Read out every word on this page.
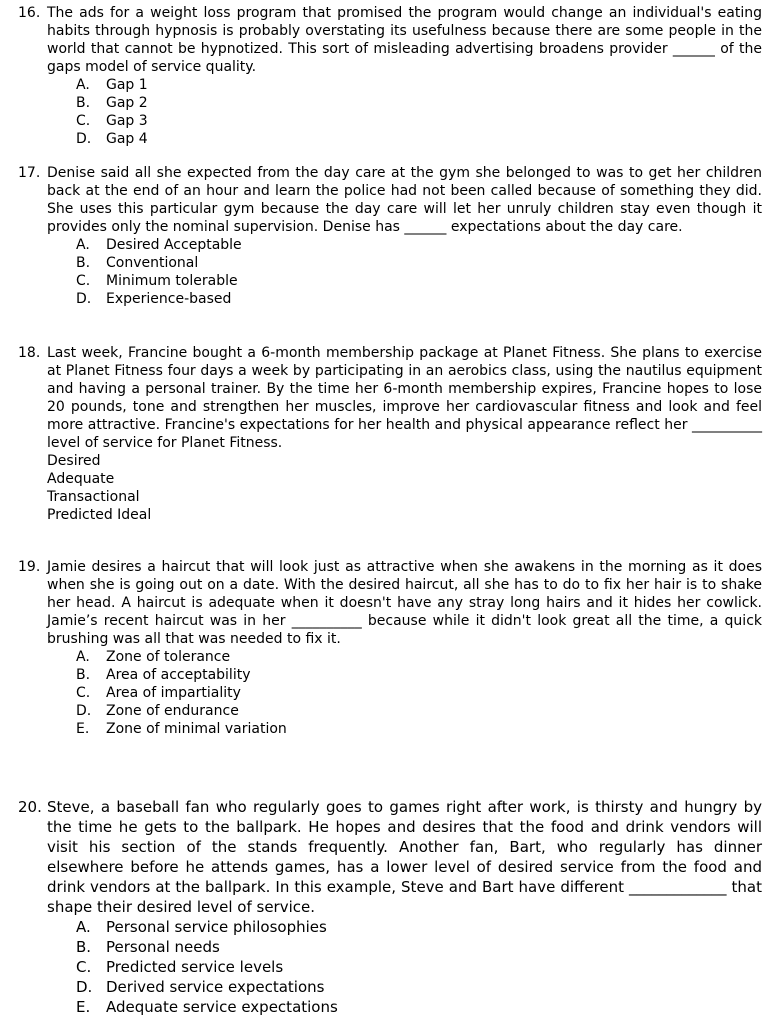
16. The ads for a weight loss program that promised the program would change an individual's eating habits through hypnosis is probably overstating its usefulness because there are some people in the world that cannot be hypnotized. This sort of misleading advertising broadens provider ______ of the gaps model of service quality.
A.	Gap 1
B.	Gap 2
C.	Gap 3
D.	Gap 4
17. Denise said all she expected from the day care at the gym she belonged to was to get her children back at the end of an hour and learn the police had not been called because of something they did. She uses this particular gym because the day care will let her unruly children stay even though it provides only the nominal supervision. Denise has ______ expectations about the day care.
A.	Desired Acceptable
B.	Conventional
C.	Minimum tolerable
D.	Experience-based
18. Last week, Francine bought a 6-month membership package at Planet Fitness. She plans to exercise at Planet Fitness four days a week by participating in an aerobics class, using the nautilus equipment and having a personal trainer. By the time her 6-month membership expires, Francine hopes to lose 20 pounds, tone and strengthen her muscles, improve her cardiovascular fitness and look and feel more attractive. Francine's expectations for her health and physical appearance reflect her __________ level of service for Planet Fitness.
Desired
Adequate
Transactional
Predicted Ideal
19. Jamie desires a haircut that will look just as attractive when she awakens in the morning as it does when she is going out on a date. With the desired haircut, all she has to do to fix her hair is to shake her head. A haircut is adequate when it doesn't have any stray long hairs and it hides her cowlick. Jamie’s recent haircut was in her __________ because while it didn't look great all the time, a quick brushing was all that was needed to fix it.
A.	Zone of tolerance
B.	Area of acceptability
C.	Area of impartiality
D.	Zone of endurance
E.	Zone of minimal variation
20. Steve, a baseball fan who regularly goes to games right after work, is thirsty and hungry by the time he gets to the ballpark. He hopes and desires that the food and drink vendors will visit his section of the stands frequently. Another fan, Bart, who regularly has dinner elsewhere before he attends games, has a lower level of desired service from the food and drink vendors at the ballpark. In this example, Steve and Bart have different _____________ that shape their desired level of service.
A.	Personal service philosophies
B. Personal needs
C. Predicted service levels
D. Derived service expectations
E.	Adequate service expectations
